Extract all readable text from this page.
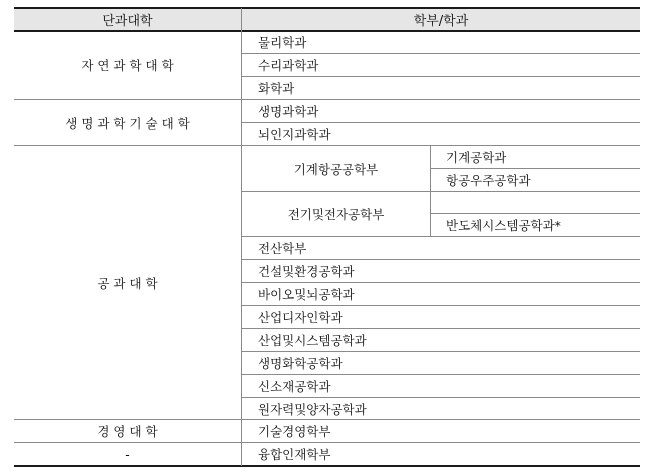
단과대학	학부/학과
자 연 과 학 대 학
생 명 과 학 기 술 대 학
공 과 대 학
경 영 대 학
-
물리학과
수리과학과
화학과
생명과학과
뇌인지과학과
기계항공공학부
기계공학과
항공우주공학과
전기및전자공학부
반도체시스템공학과*
전산학부
건설및환경공학과
바이오및뇌공학과
산업디자인학과
산업및시스템공학과
생명화학공학과
신소재공학과
원자력및양자공학과
기술경영학부
융합인재학부
